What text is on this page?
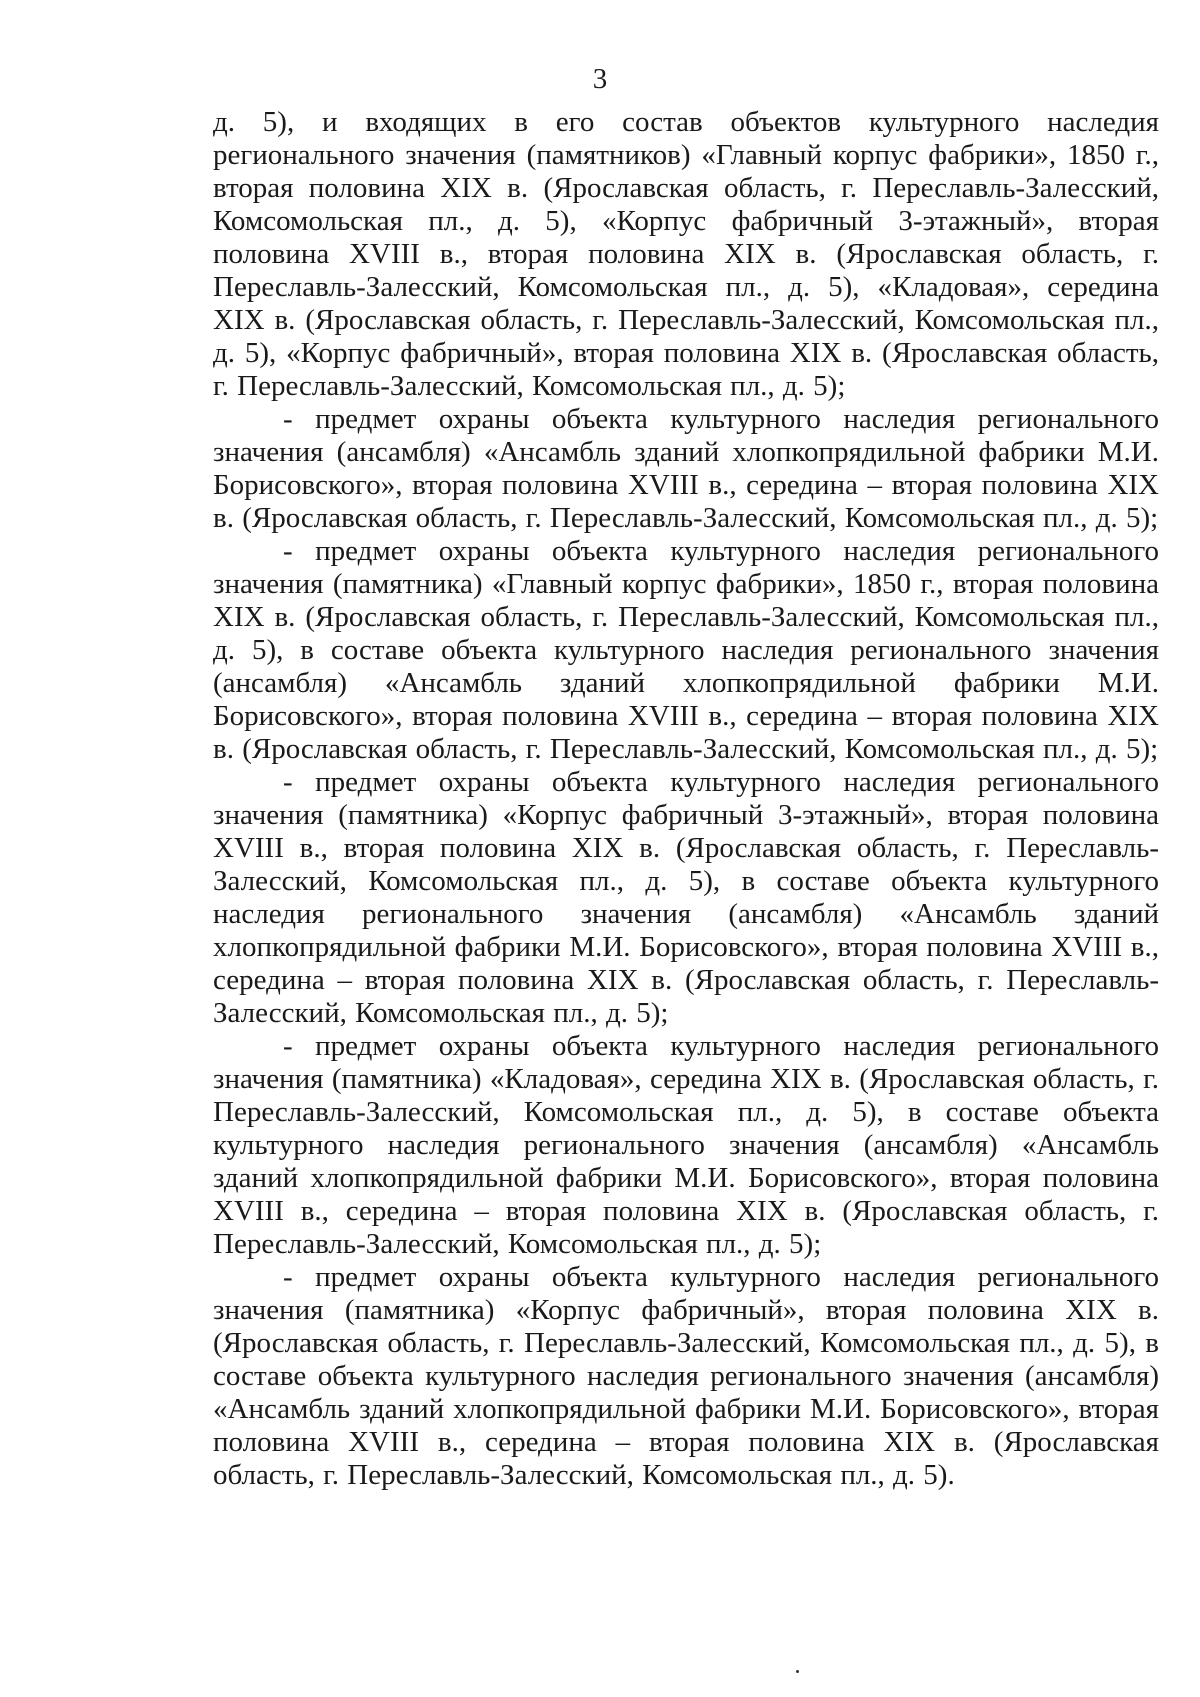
3

д. 5), и входящих в его состав объектов культурного наследия регионального значения (памятников) «Главный корпус фабрики», 1850 г., вторая половина XIX в. (Ярославская область, г. Переславль-Залесский, Комсомольская пл., д. 5), «Корпус фабричный 3-этажный», вторая половина XVIII в., вторая половина XIX в. (Ярославская область, г. Переславль-Залесский, Комсомольская пл., д. 5), «Кладовая», середина XIX в. (Ярославская область, г. Переславль-Залесский, Комсомольская пл., д. 5), «Корпус фабричный», вторая половина XIX в. (Ярославская область, г. Переславль-Залесский, Комсомольская пл., д. 5);

- предмет охраны объекта культурного наследия регионального значения (ансамбля) «Ансамбль зданий хлопкопрядильной фабрики М.И. Борисовского», вторая половина XVIII в., середина – вторая половина XIX в. (Ярославская область, г. Переславль-Залесский, Комсомольская пл., д. 5);

- предмет охраны объекта культурного наследия регионального значения (памятника) «Главный корпус фабрики», 1850 г., вторая половина XIX в. (Ярославская область, г. Переславль-Залесский, Комсомольская пл., д. 5), в составе объекта культурного наследия регионального значения (ансамбля) «Ансамбль зданий хлопкопрядильной фабрики М.И. Борисовского», вторая половина XVIII в., середина – вторая половина XIX в. (Ярославская область, г. Переславль-Залесский, Комсомольская пл., д. 5);

- предмет охраны объекта культурного наследия регионального значения (памятника) «Корпус фабричный 3-этажный», вторая половина XVIII в., вторая половина XIX в. (Ярославская область, г. Переславль-Залесский, Комсомольская пл., д. 5), в составе объекта культурного наследия регионального значения (ансамбля) «Ансамбль зданий хлопкопрядильной фабрики М.И. Борисовского», вторая половина XVIII в., середина – вторая половина XIX в. (Ярославская область, г. Переславль-Залесский, Комсомольская пл., д. 5);

- предмет охраны объекта культурного наследия регионального значения (памятника) «Кладовая», середина XIX в. (Ярославская область, г. Переславль-Залесский, Комсомольская пл., д. 5), в составе объекта культурного наследия регионального значения (ансамбля) «Ансамбль зданий хлопкопрядильной фабрики М.И. Борисовского», вторая половина XVIII в., середина – вторая половина XIX в. (Ярославская область, г. Переславль-Залесский, Комсомольская пл., д. 5);

- предмет охраны объекта культурного наследия регионального значения (памятника) «Корпус фабричный», вторая половина XIX в. (Ярославская область, г. Переславль-Залесский, Комсомольская пл., д. 5), в составе объекта культурного наследия регионального значения (ансамбля) «Ансамбль зданий хлопкопрядильной фабрики М.И. Борисовского», вторая половина XVIII в., середина – вторая половина XIX в. (Ярославская область, г. Переславль-Залесский, Комсомольская пл., д. 5).
